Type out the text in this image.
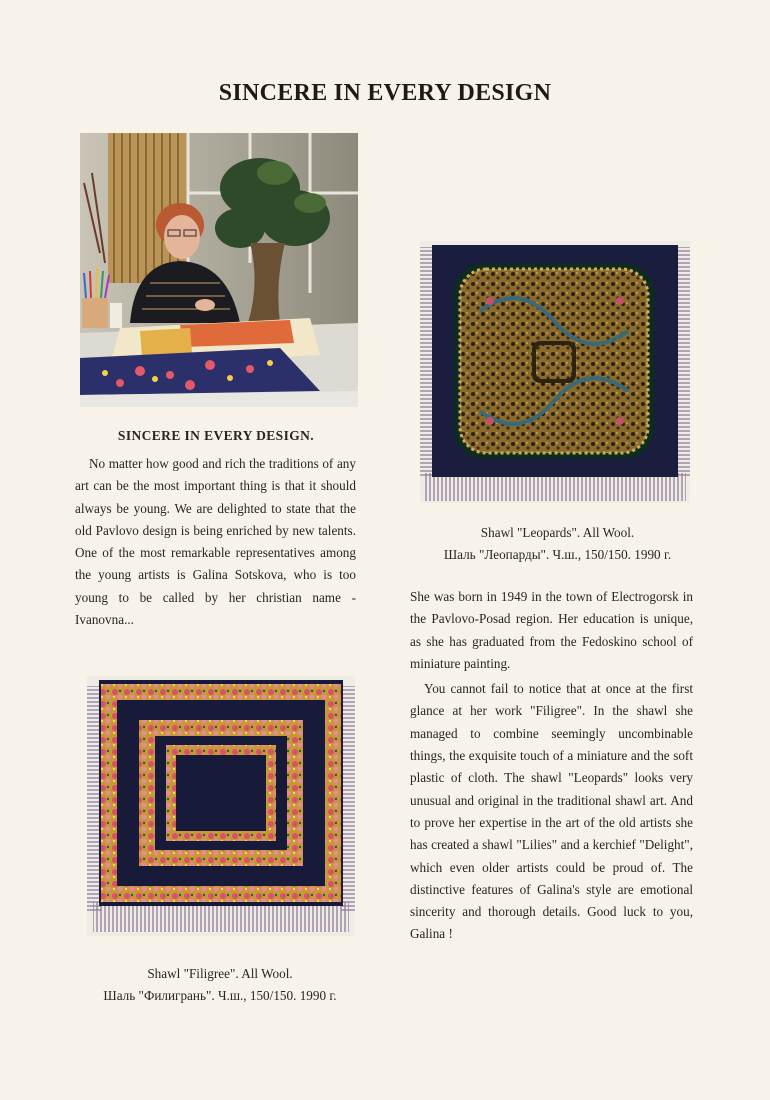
SINCERE IN EVERY DESIGN
SINCERE IN EVERY DESIGN.

No matter how good and rich the traditions of any art can be the most important thing is that it should always be young. We are delighted to state that the old Pavlovo design is being enriched by new talents. One of the most remarkable representatives among the young artists is Galina Sotskova, who is too young to be called by her christian name - Ivanovna...

Shawl "Leopards". All Wool.
Шаль "Леопарды". Ч.ш., 150/150. 1990 г.

She was born in 1949 in the town of Electrogorsk in the Pavlovo-Posad region. Her education is unique, as she has graduated from the Fedoskino school of miniature painting.

You cannot fail to notice that at once at the first glance at her work "Filigree". In the shawl she managed to combine seemingly uncombinable things, the exquisite touch of a miniature and the soft plastic of cloth. The shawl "Leopards" looks very unusual and original in the traditional shawl art. And to prove her expertise in the art of the old artists she has created a shawl "Lilies" and a kerchief "Delight", which even older artists could be proud of. The distinctive features of Galina's style are emotional sincerity and thorough details. Good luck to you, Galina !

Shawl "Filigree". All Wool.
Шаль "Филигрань". Ч.ш., 150/150. 1990 г.
